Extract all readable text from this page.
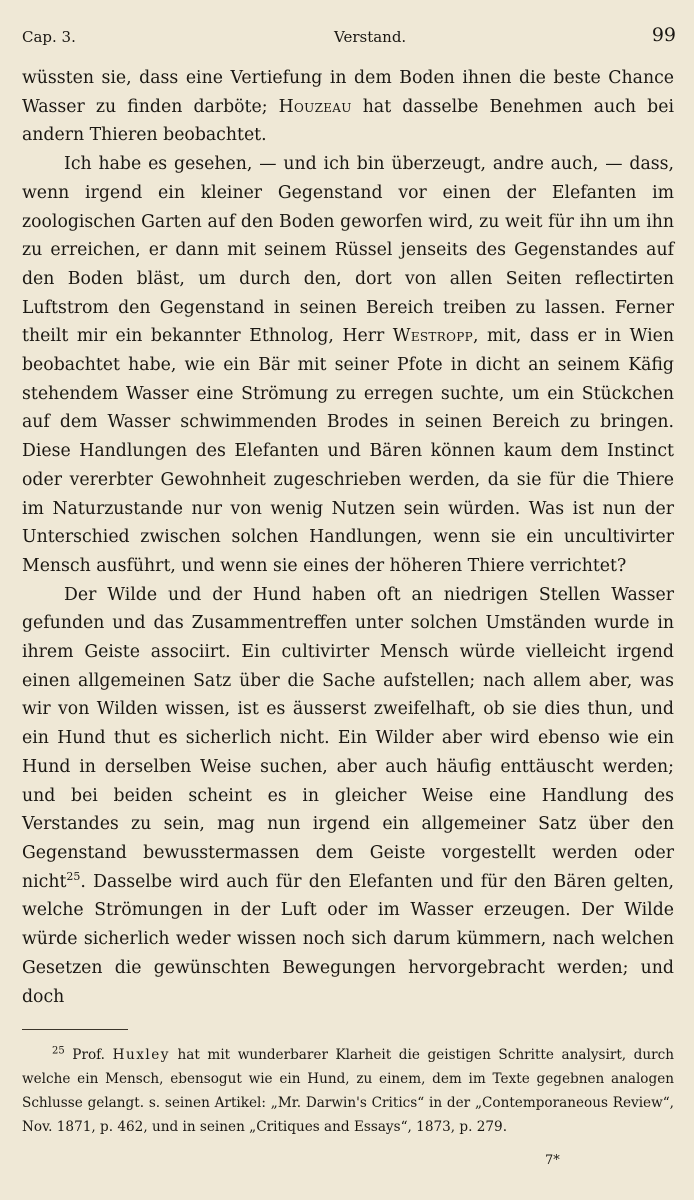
Cap. 3.	Verstand.	99

wüssten sie, dass eine Vertiefung in dem Boden ihnen die beste Chance Wasser zu finden darböte; Houzeau hat dasselbe Benehmen auch bei andern Thieren beobachtet.

Ich habe es gesehen, — und ich bin überzeugt, andre auch, — dass, wenn irgend ein kleiner Gegenstand vor einen der Elefanten im zoologischen Garten auf den Boden geworfen wird, zu weit für ihn um ihn zu erreichen, er dann mit seinem Rüssel jenseits des Gegenstandes auf den Boden bläst, um durch den, dort von allen Seiten reflectirten Luftstrom den Gegenstand in seinen Bereich treiben zu lassen. Ferner theilt mir ein bekannter Ethnolog, Herr Westropp, mit, dass er in Wien beobachtet habe, wie ein Bär mit seiner Pfote in dicht an seinem Käfig stehendem Wasser eine Strömung zu erregen suchte, um ein Stückchen auf dem Wasser schwimmenden Brodes in seinen Bereich zu bringen. Diese Handlungen des Elefanten und Bären können kaum dem Instinct oder vererbter Gewohnheit zugeschrieben werden, da sie für die Thiere im Naturzustande nur von wenig Nutzen sein würden. Was ist nun der Unterschied zwischen solchen Handlungen, wenn sie ein uncultivirter Mensch ausführt, und wenn sie eines der höheren Thiere verrichtet?

Der Wilde und der Hund haben oft an niedrigen Stellen Wasser gefunden und das Zusammentreffen unter solchen Umständen wurde in ihrem Geiste associirt. Ein cultivirter Mensch würde vielleicht irgend einen allgemeinen Satz über die Sache aufstellen; nach allem aber, was wir von Wilden wissen, ist es äusserst zweifelhaft, ob sie dies thun, und ein Hund thut es sicherlich nicht. Ein Wilder aber wird ebenso wie ein Hund in derselben Weise suchen, aber auch häufig enttäuscht werden; und bei beiden scheint es in gleicher Weise eine Handlung des Verstandes zu sein, mag nun irgend ein allgemeiner Satz über den Gegenstand bewusstermassen dem Geiste vorgestellt werden oder nicht$^{25}$. Dasselbe wird auch für den Elefanten und für den Bären gelten, welche Strömungen in der Luft oder im Wasser erzeugen. Der Wilde würde sicherlich weder wissen noch sich darum kümmern, nach welchen Gesetzen die gewünschten Bewegungen hervorgebracht werden; und doch

$^{25}$ Prof. Huxley hat mit wunderbarer Klarheit die geistigen Schritte analysirt, durch welche ein Mensch, ebensogut wie ein Hund, zu einem, dem im Texte gegebnen analogen Schlusse gelangt. s. seinen Artikel: „Mr. Darwin's Critics“ in der „Contemporaneous Review“, Nov. 1871, p. 462, und in seinen „Critiques and Essays“, 1873, p. 279.

7*
